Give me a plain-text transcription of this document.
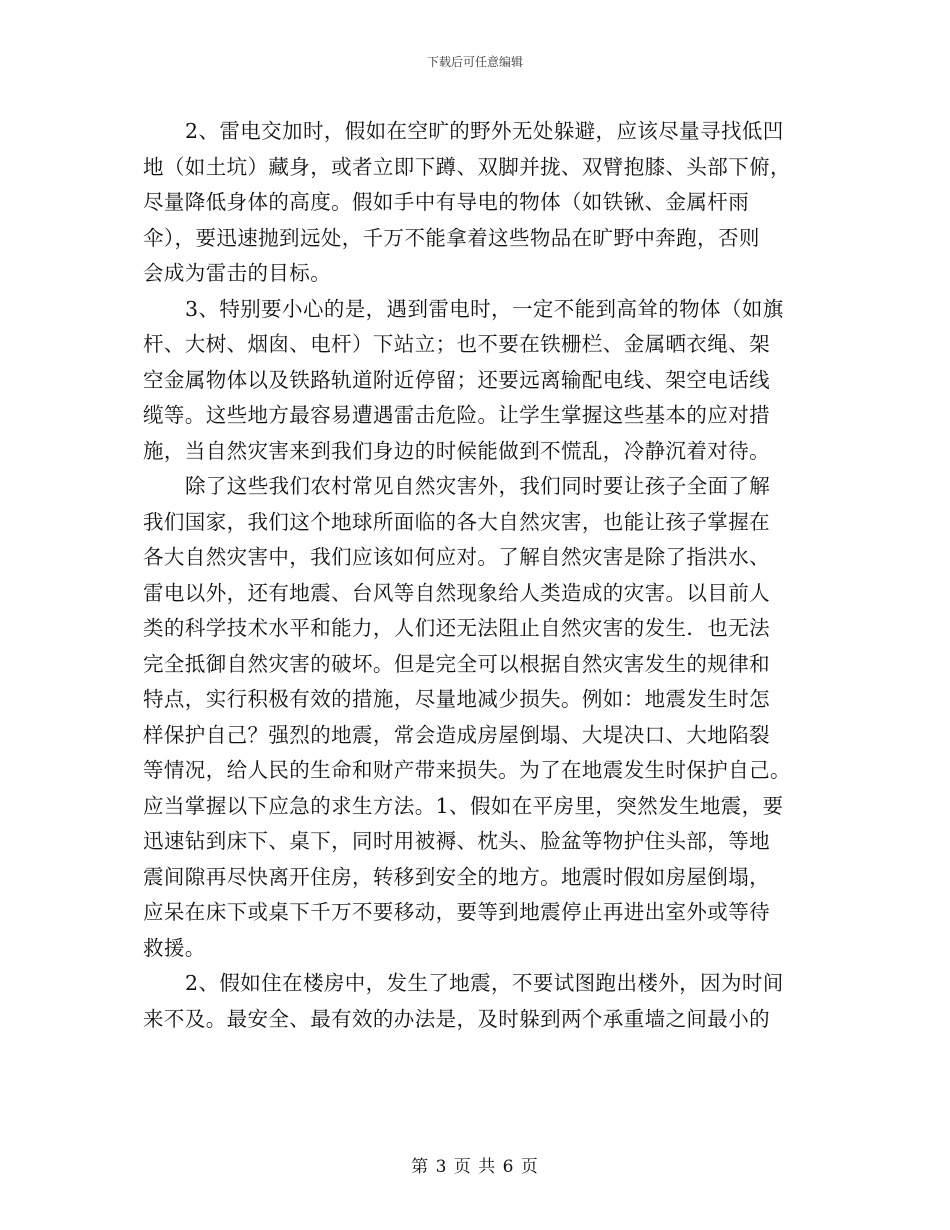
下载后可任意编辑
2、雷电交加时，假如在空旷的野外无处躲避，应该尽量寻找低凹
地（如土坑）藏身，或者立即下蹲、双脚并拢、双臂抱膝、头部下俯，
尽量降低身体的高度。假如手中有导电的物体（如铁锹、金属杆雨
伞），要迅速抛到远处，千万不能拿着这些物品在旷野中奔跑，否则
会成为雷击的目标。
3、特别要小心的是，遇到雷电时，一定不能到高耸的物体（如旗
杆、大树、烟囱、电杆）下站立；也不要在铁栅栏、金属晒衣绳、架
空金属物体以及铁路轨道附近停留；还要远离输配电线、架空电话线
缆等。这些地方最容易遭遇雷击危险。让学生掌握这些基本的应对措
施，当自然灾害来到我们身边的时候能做到不慌乱，冷静沉着对待。
除了这些我们农村常见自然灾害外，我们同时要让孩子全面了解
我们国家，我们这个地球所面临的各大自然灾害，也能让孩子掌握在
各大自然灾害中，我们应该如何应对。了解自然灾害是除了指洪水、
雷电以外，还有地震、台风等自然现象给人类造成的灾害。以目前人
类的科学技术水平和能力，人们还无法阻止自然灾害的发生．也无法
完全抵御自然灾害的破坏。但是完全可以根据自然灾害发生的规律和
特点，实行积极有效的措施，尽量地减少损失。例如：地震发生时怎
样保护自己？强烈的地震，常会造成房屋倒塌、大堤决口、大地陷裂
等情况，给人民的生命和财产带来损失。为了在地震发生时保护自己。
应当掌握以下应急的求生方法。1、假如在平房里，突然发生地震，要
迅速钻到床下、桌下，同时用被褥、枕头、脸盆等物护住头部，等地
震间隙再尽快离开住房，转移到安全的地方。地震时假如房屋倒塌，
应呆在床下或桌下千万不要移动，要等到地震停止再进出室外或等待
救援。
2、假如住在楼房中，发生了地震，不要试图跑出楼外，因为时间
来不及。最安全、最有效的办法是，及时躲到两个承重墙之间最小的
第 3 页 共 6 页
